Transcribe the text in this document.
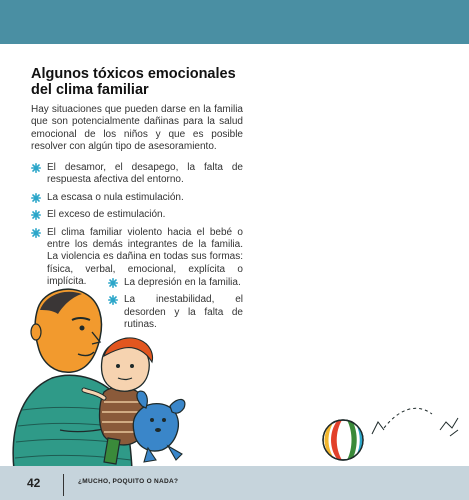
Algunos tóxicos emocionales
del clima familiar

Hay situaciones que pueden darse en la familia que son potencialmente dañinas para la salud emocional de los niños y que es posible resolver con algún tipo de asesoramiento.

El desamor, el desapego, la falta de respuesta afectiva del entorno.
La escasa o nula estimulación.
El exceso de estimulación.
El clima familiar violento hacia el bebé o entre los demás integrantes de la familia. La violencia es dañina en todas sus formas: física, verbal, emocional, explícita o implícita.	La depresión en la familia.
La inestabilidad, el desorden y la falta de rutinas.
42	¿MUCHO, POQUITO O NADA?
